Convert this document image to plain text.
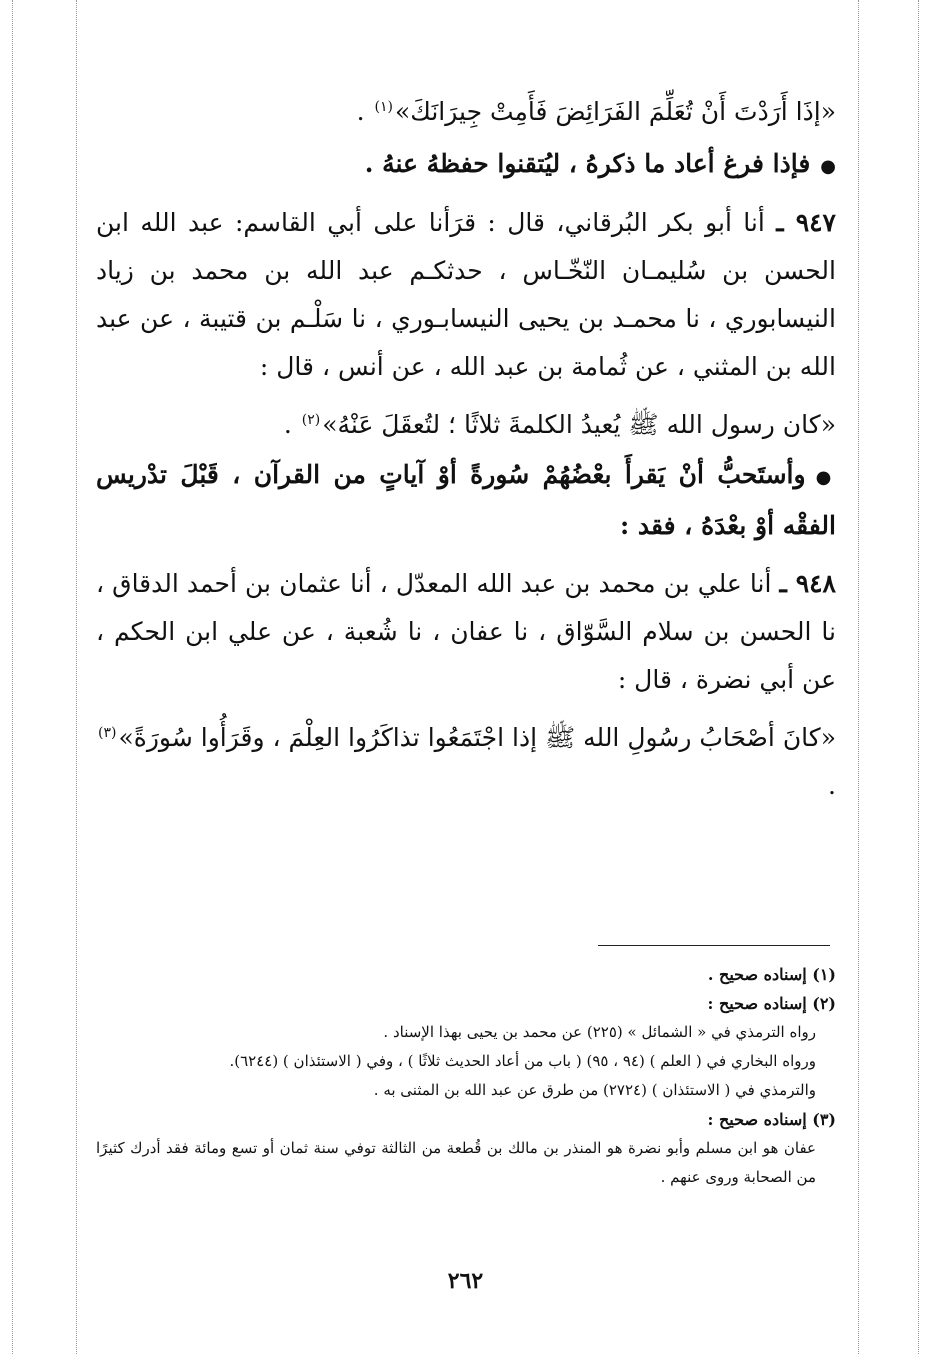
«إذَا أَرَدْتَ أَنْ تُعَلِّمَ الفَرَائِضَ فَأَمِتْ جِيرَانَكَ»$^{(١)}$ .

●فإذا فرغ أعاد ما ذكرهُ ، ليُتقنوا حفظهُ عنهُ .

٩٤٧ ـ أنا أبو بكر البُرقاني، قال : قرَأنا على أبي القاسم: عبد الله ابن الحسن بن سُليمـان النّخّـاس ، حدثكـم عبد الله بن محمد بن زياد النيسابوري ، نا محمـد بن يحيى النيسابـوري ، نا سَلْـم بن قتيبة ، عن عبد الله بن المثني ، عن ثُمامة بن عبد الله ، عن أنس ، قال :

«كان رسول الله ﷺ يُعيدُ الكلمةَ ثلاثًا ؛ لتُعقَلَ عَنْهُ»$^{(٢)}$ .

●وأستَحبُّ أنْ يَقرأَ بعْضُهُمْ سُورةً أوْ آياتٍ من القرآن ، قَبْلَ تدْريس الفقْه أوْ بعْدَهُ ، فقد :

٩٤٨ ـ أنا علي بن محمد بن عبد الله المعدّل ، أنا عثمان بن أحمد الدقاق ، نا الحسن بن سلام السَّوّاق ، نا عفان ، نا شُعبة ، عن علي ابن الحكم ، عن أبي نضرة ، قال :

«كانَ أصْحَابُ رسُولِ الله ﷺ إذا اجْتَمَعُوا تذاكَرُوا العِلْمَ ، وقَرَأُوا سُورَةً»$^{(٣)}$ .

(١) إسناده صحيح .
(٢) إسناده صحيح :
رواه الترمذي في « الشمائل » (٢٢٥) عن محمد بن يحيى بهذا الإسناد .
ورواه البخاري في ( العلم ) (٩٤ ، ٩٥) ( باب من أعاد الحديث ثلاثًا ) ، وفي ( الاستئذان ) (٦٢٤٤).
والترمذي في ( الاستئذان ) (٢٧٢٤) من طرق عن عبد الله بن المثنى به .
(٣) إسناده صحيح :
عفان هو ابن مسلم وأبو نضرة هو المنذر بن مالك بن قُطعة من الثالثة توفي سنة ثمان أو تسع ومائة فقد أدرك كثيرًا من الصحابة وروى عنهم .
٢٦٢
